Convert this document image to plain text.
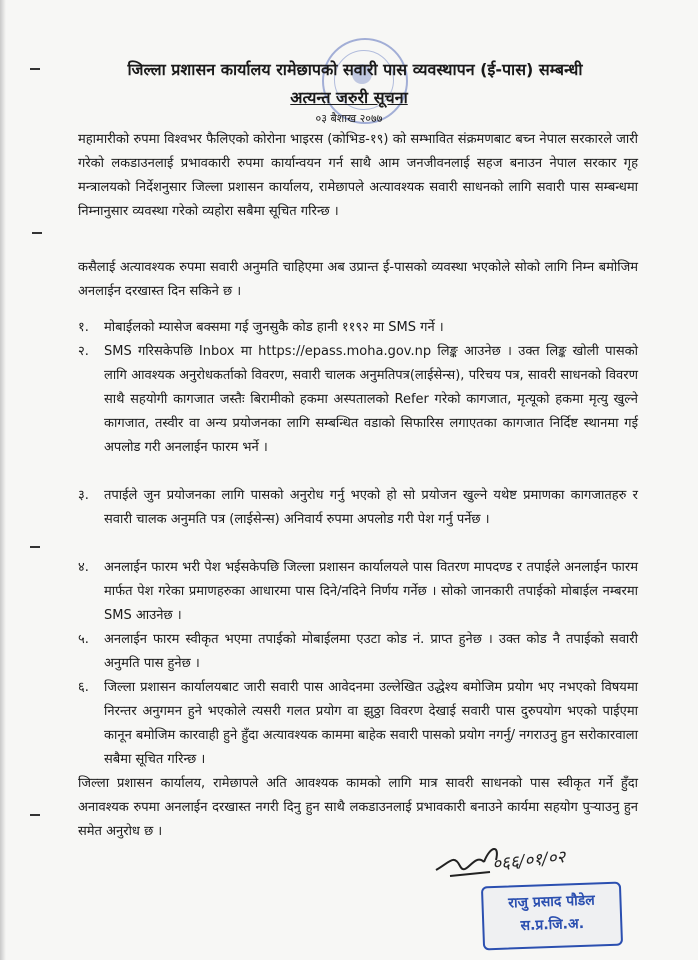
जिल्ला प्रशासन कार्यालय रामेछापको सवारी पास व्यवस्थापन (ई-पास) सम्बन्धी
अत्यन्त जरुरी सूचना
०३ बैशाख २०७७
महामारीको रुपमा विश्वभर फैलिएको कोरोना भाइरस (कोभिड-१९) को सम्भावित संक्रमणबाट बच्न नेपाल सरकारले जारी गरेको लकडाउनलाई प्रभावकारी रुपमा कार्यान्वयन गर्न साथै आम जनजीवनलाई सहज बनाउन नेपाल सरकार गृह मन्त्रालयको निर्देशनुसार जिल्ला प्रशासन कार्यालय, रामेछापले अत्यावश्यक सवारी साधनको लागि सवारी पास सम्बन्धमा निम्नानुसार व्यवस्था गरेको व्यहोरा सबैमा सूचित गरिन्छ ।
कसैलाई अत्यावश्यक रुपमा सवारी अनुमति चाहिएमा अब उप्रान्त ई-पासको व्यवस्था भएकोले सोको लागि निम्न बमोजिम अनलाईन दरखास्त दिन सकिने छ ।
१.	मोबाईलको म्यासेज बक्समा गई जुनसुकै कोड हानी ११९२ मा SMS गर्ने ।
२.	SMS गरिसकेपछि Inbox मा https://epass.moha.gov.np लिङ्क आउनेछ । उक्त लिङ्क खोली पासको लागि आवश्यक अनुरोधकर्ताको विवरण, सवारी चालक अनुमतिपत्र(लाईसेन्स), परिचय पत्र, सावरी साधनको विवरण साथै सहयोगी कागजात जस्तैः बिरामीको हकमा अस्पतालको Refer गरेको कागजात, मृत्यूको हकमा मृत्यु खुल्ने कागजात, तस्वीर वा अन्य प्रयोजनका लागि सम्बन्धित वडाको सिफारिस लगाएतका कागजात निर्दिष्ट स्थानमा गई अपलोड गरी अनलाईन फारम भर्ने ।
३.	तपाईले जुन प्रयोजनका लागि पासको अनुरोध गर्नु भएको हो सो प्रयोजन खुल्ने यथेष्ट प्रमाणका कागजातहरु र सवारी चालक अनुमति पत्र (लाईसेन्स) अनिवार्य रुपमा अपलोड गरी पेश गर्नु पर्नेछ ।
४.	अनलाईन फारम भरी पेश भईसकेपछि जिल्ला प्रशासन कार्यालयले पास वितरण मापदण्ड र तपाईले अनलाईन फारम मार्फत पेश गरेका प्रमाणहरुका आधारमा पास दिने/नदिने निर्णय गर्नेछ । सोको जानकारी तपाईको मोबाईल नम्बरमा SMS आउनेछ ।
५.	अनलाईन फारम स्वीकृत भएमा तपाईको मोबाईलमा एउटा कोड नं. प्राप्त हुनेछ । उक्त कोड नै तपाईको सवारी अनुमति पास हुनेछ ।
६.	जिल्ला प्रशासन कार्यालयबाट जारी सवारी पास आवेदनमा उल्लेखित उद्धेश्य बमोजिम प्रयोग भए नभएको विषयमा निरन्तर अनुगमन हुने भएकोले त्यसरी गलत प्रयोग वा झुठ्ठा विवरण देखाई सवारी पास दुरुपयोग भएको पाईएमा कानून बमोजिम कारवाही हुने हुँदा अत्यावश्यक काममा बाहेक सवारी पासको प्रयोग नगर्नु/ नगराउनु हुन सरोकारवाला सबैमा सूचित गरिन्छ ।
जिल्ला प्रशासन कार्यालय, रामेछापले अति आवश्यक कामको लागि मात्र सावरी साधनको पास स्वीकृत गर्ने हुँदा अनावश्यक रुपमा अनलाईन दरखास्त नगरी दिनु हुन साथै लकडाउनलाई प्रभावकारी बनाउने कार्यमा सहयोग पुर्‍याउनु हुन समेत अनुरोध छ ।
०६६/०१/०२
राजु प्रसाद पौडेल
स.प्र.जि.अ.
